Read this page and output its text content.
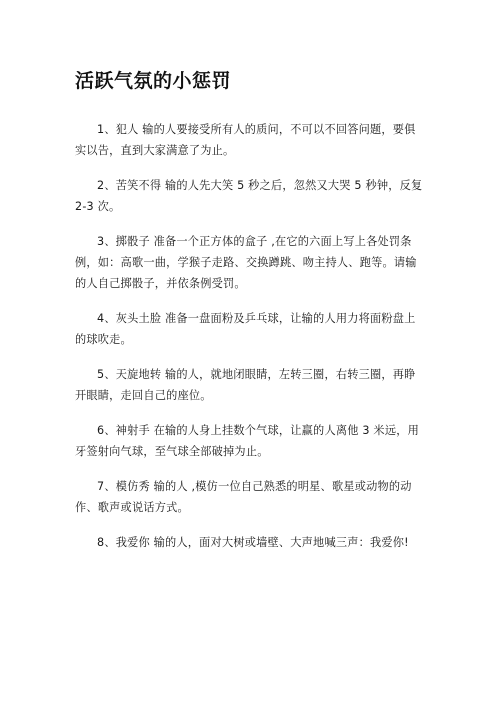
活跃气氛的小惩罚

1、犯人 输的人要接受所有人的质问，不可以不回答问题，要俱实以告，直到大家满意了为止。

2、苦笑不得 输的人先大笑 5 秒之后，忽然又大哭 5 秒钟，反复2-3 次。

3、掷骰子 准备一个正方体的盒子 ,在它的六面上写上各处罚条例，如：高歌一曲，学猴子走路、交换蹲跳、吻主持人、跑等。请输的人自己掷骰子，并依条例受罚。

4、灰头土脸 准备一盘面粉及乒乓球，让输的人用力将面粉盘上的球吹走。

5、天旋地转 输的人，就地闭眼睛，左转三圈，右转三圈，再睁开眼睛，走回自己的座位。

6、神射手 在输的人身上挂数个气球，让赢的人离他 3 米远，用牙签射向气球，至气球全部破掉为止。

7、模仿秀 输的人 ,模仿一位自己熟悉的明星、歌星或动物的动作、歌声或说话方式。

8、我爱你 输的人，面对大树或墙壁、大声地喊三声：我爱你!
